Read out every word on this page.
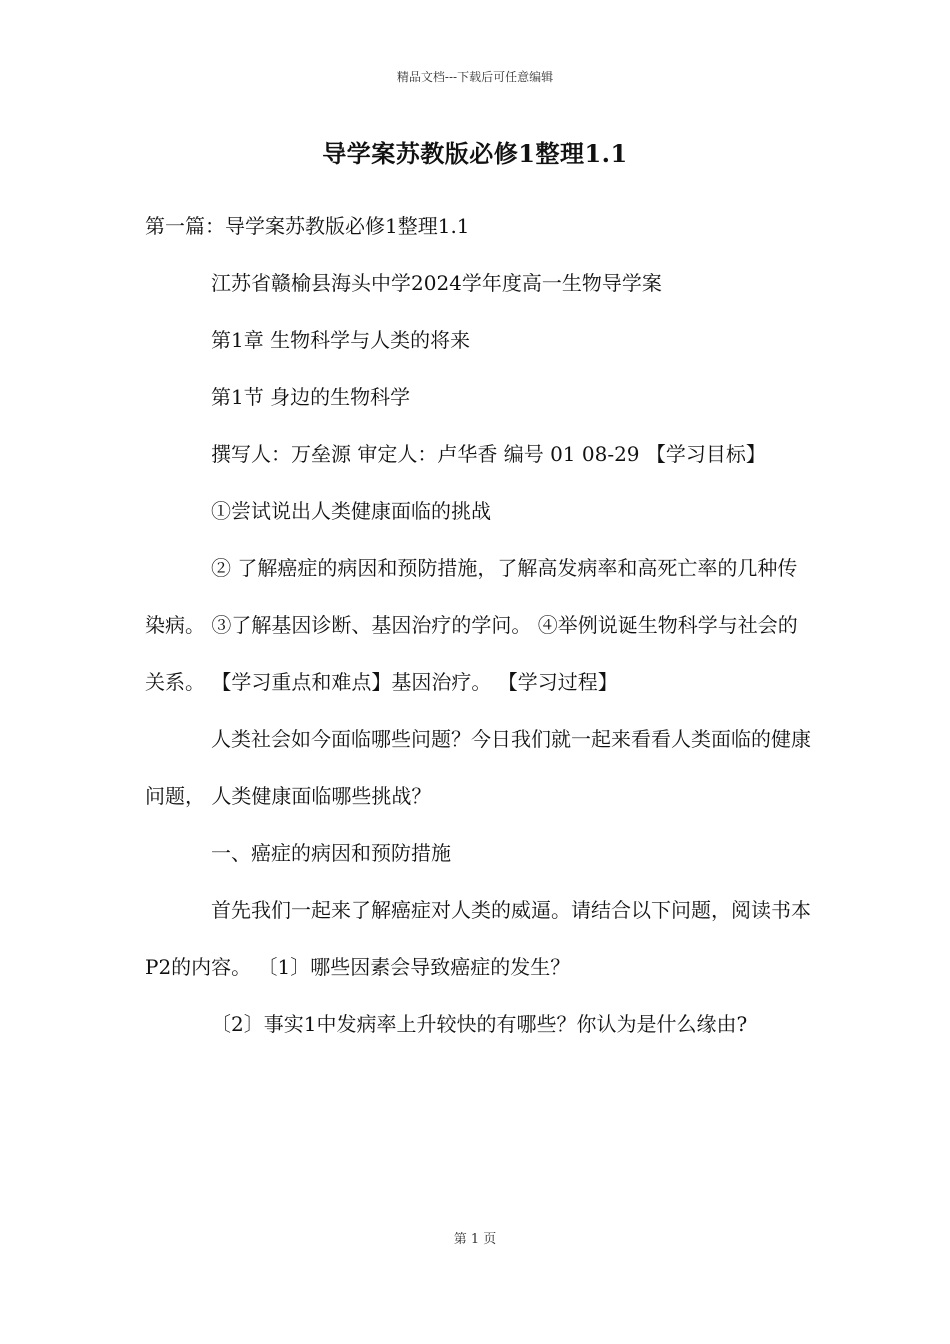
精品文档---下载后可任意编辑
导学案苏教版必修1整理1.1

第一篇：导学案苏教版必修1整理1.1

江苏省赣榆县海头中学2024学年度高一生物导学案

第1章 生物科学与人类的将来

第1节 身边的生物科学

撰写人：万垒源 审定人：卢华香 编号 01 08-29 【学习目标】

①尝试说出人类健康面临的挑战

② 了解癌症的病因和预防措施，了解高发病率和高死亡率的几种传染病。 ③了解基因诊断、基因治疗的学问。 ④举例说诞生物科学与社会的关系。 【学习重点和难点】基因治疗。 【学习过程】

人类社会如今面临哪些问题？今日我们就一起来看看人类面临的健康问题， 人类健康面临哪些挑战？

一、癌症的病因和预防措施

首先我们一起来了解癌症对人类的威逼。请结合以下问题，阅读书本P2的内容。 〔1〕哪些因素会导致癌症的发生？

〔2〕事实1中发病率上升较快的有哪些？你认为是什么缘由?

第 1 页
